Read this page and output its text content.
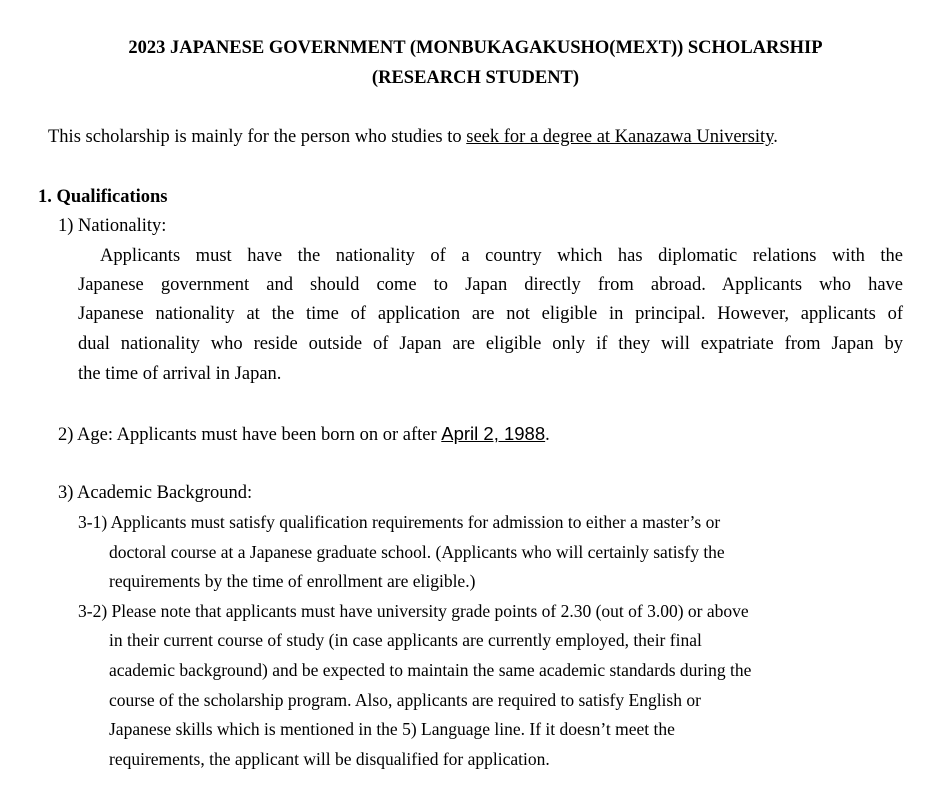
2023 JAPANESE GOVERNMENT (MONBUKAGAKUSHO(MEXT)) SCHOLARSHIP
(RESEARCH STUDENT)
This scholarship is mainly for the person who studies to seek for a degree at Kanazawa University.
1. Qualifications
1) Nationality:
Applicants must have the nationality of a country which has diplomatic relations with the
Japanese government and should come to Japan directly from abroad. Applicants who have
Japanese nationality at the time of application are not eligible in principal. However, applicants of
dual nationality who reside outside of Japan are eligible only if they will expatriate from Japan by
the time of arrival in Japan.
2) Age: Applicants must have been born on or after April 2, 1988.
3) Academic Background:
3-1) Applicants must satisfy qualification requirements for admission to either a master’s or
doctoral course at a Japanese graduate school. (Applicants who will certainly satisfy the
requirements by the time of enrollment are eligible.)
3-2) Please note that applicants must have university grade points of 2.30 (out of 3.00) or above
in their current course of study (in case applicants are currently employed, their final
academic background) and be expected to maintain the same academic standards during the
course of the scholarship program. Also, applicants are required to satisfy English or
Japanese skills which is mentioned in the 5) Language line. If it doesn’t meet the
requirements, the applicant will be disqualified for application.
